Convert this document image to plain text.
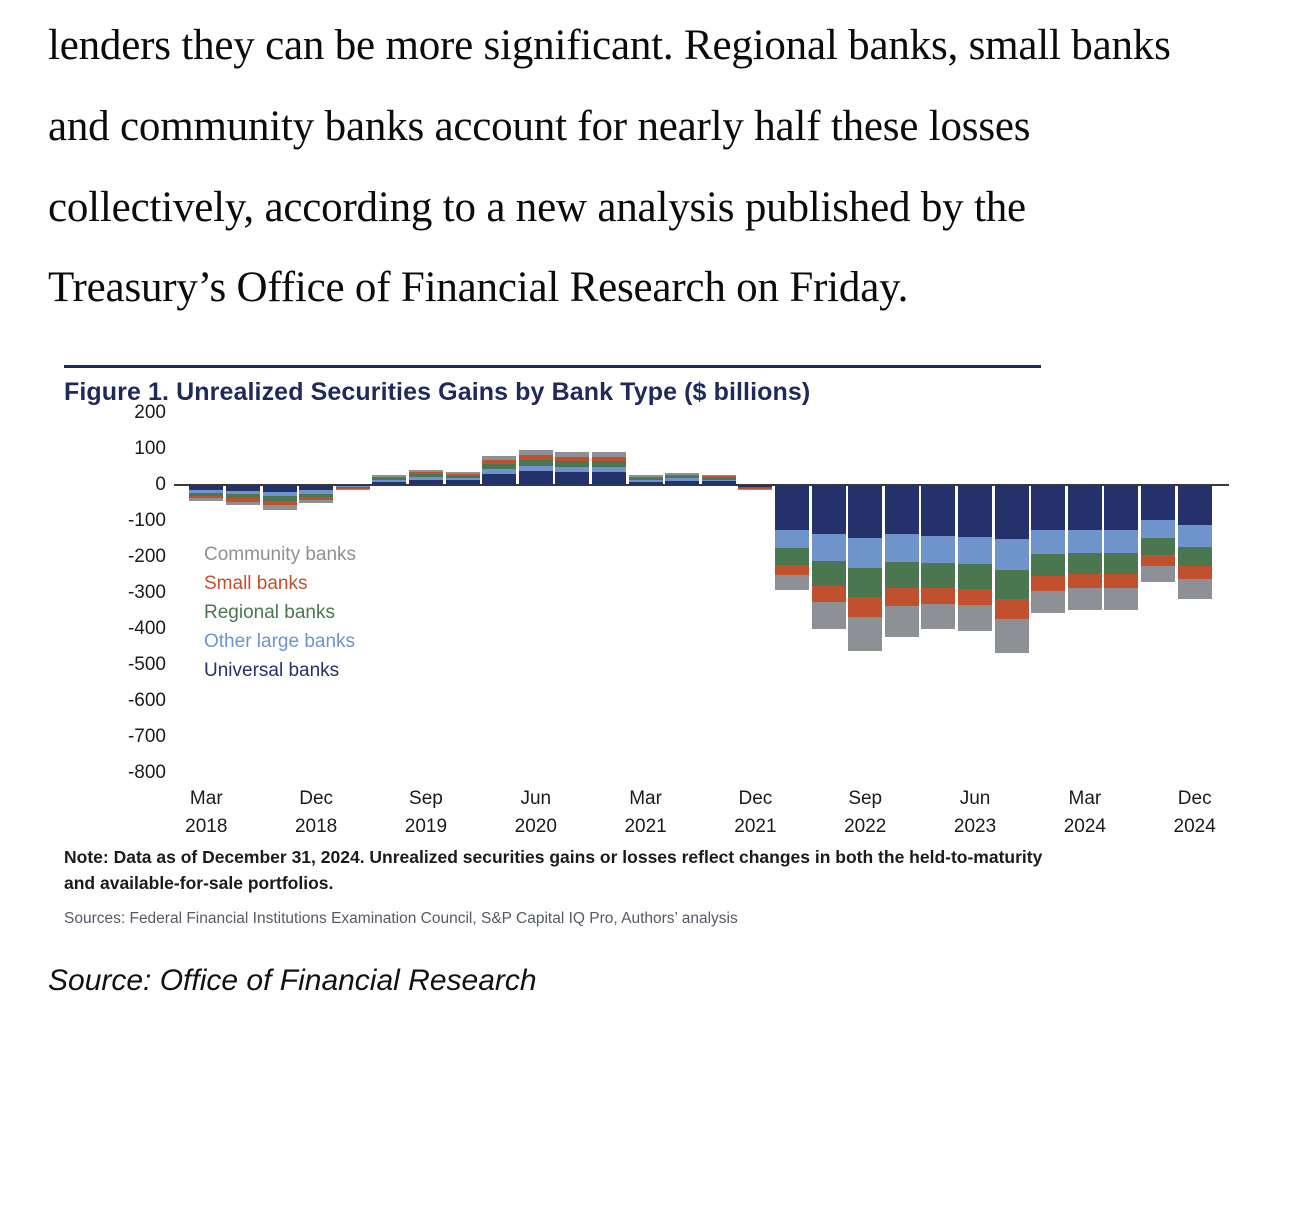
lenders they can be more significant. Regional banks, small banks and community banks account for nearly half these losses collectively, according to a new analysis published by the Treasury’s Office of Financial Research on Friday.

Figure 1. Unrealized Securities Gains by Bank Type ($ billions)
200
100
0
-100
-200
-300
-400
-500
-600
-700
-800
Community banks
Small banks
Regional banks
Other large banks
Universal banks
Mar
2018
Dec
2018
Sep
2019
Jun
2020
Mar
2021
Dec
2021
Sep
2022
Jun
2023
Mar
2024
Dec
2024
Note: Data as of December 31, 2024. Unrealized securities gains or losses reflect changes in both the held-to-maturity and available-for-sale portfolios.
Sources: Federal Financial Institutions Examination Council, S&P Capital IQ Pro, Authors’ analysis
Source: Office of Financial Research
